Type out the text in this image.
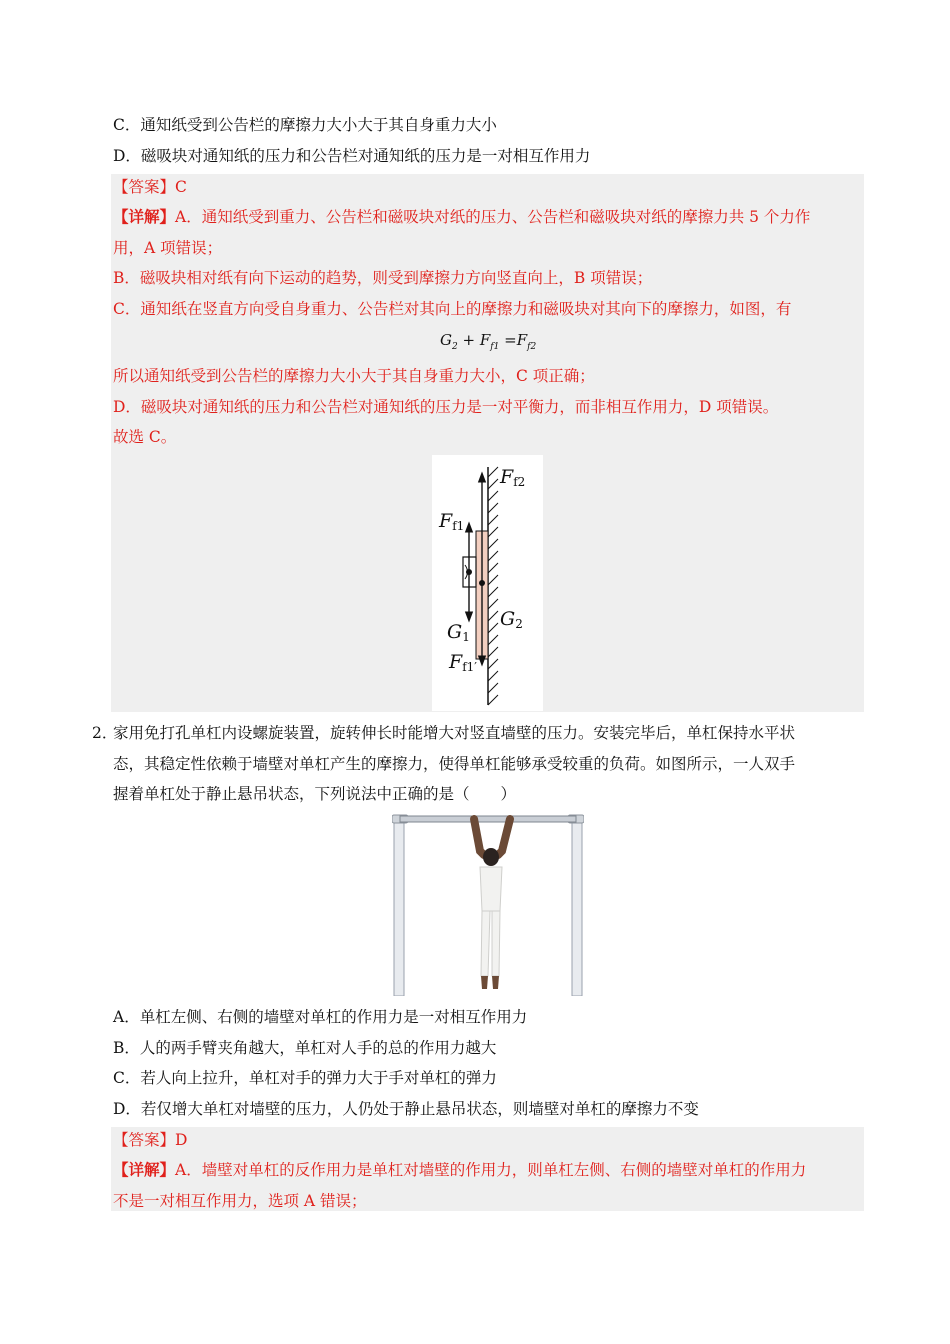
C．通知纸受到公告栏的摩擦力大小大于其自身重力大小
D．磁吸块对通知纸的压力和公告栏对通知纸的压力是一对相互作用力
【答案】C
【详解】A．通知纸受到重力、公告栏和磁吸块对纸的压力、公告栏和磁吸块对纸的摩擦力共 5 个力作
用，A 项错误；
B．磁吸块相对纸有向下运动的趋势，则受到摩擦力方向竖直向上，B 项错误；
C．通知纸在竖直方向受自身重力、公告栏对其向上的摩擦力和磁吸块对其向下的摩擦力，如图，有
$G_2 + F_{f1} =F_{f2}$
所以通知纸受到公告栏的摩擦力大小大于其自身重力大小，C 项正确；
D．磁吸块对通知纸的压力和公告栏对通知纸的压力是一对平衡力，而非相互作用力，D 项错误。
故选 C。
Ff2
Ff1
G1
G2
Ff1′
2．
家用免打孔单杠内设螺旋装置，旋转伸长时能增大对竖直墙壁的压力。安装完毕后，单杠保持水平状
态，其稳定性依赖于墙壁对单杠产生的摩擦力，使得单杠能够承受较重的负荷。如图所示，一人双手
握着单杠处于静止悬吊状态，下列说法中正确的是（　　）
A．单杠左侧、右侧的墙壁对单杠的作用力是一对相互作用力
B．人的两手臂夹角越大，单杠对人手的总的作用力越大
C．若人向上拉升，单杠对手的弹力大于手对单杠的弹力
D．若仅增大单杠对墙壁的压力，人仍处于静止悬吊状态，则墙壁对单杠的摩擦力不变
【答案】D
【详解】A．墙壁对单杠的反作用力是单杠对墙壁的作用力，则单杠左侧、右侧的墙壁对单杠的作用力
不是一对相互作用力，选项 A 错误；
